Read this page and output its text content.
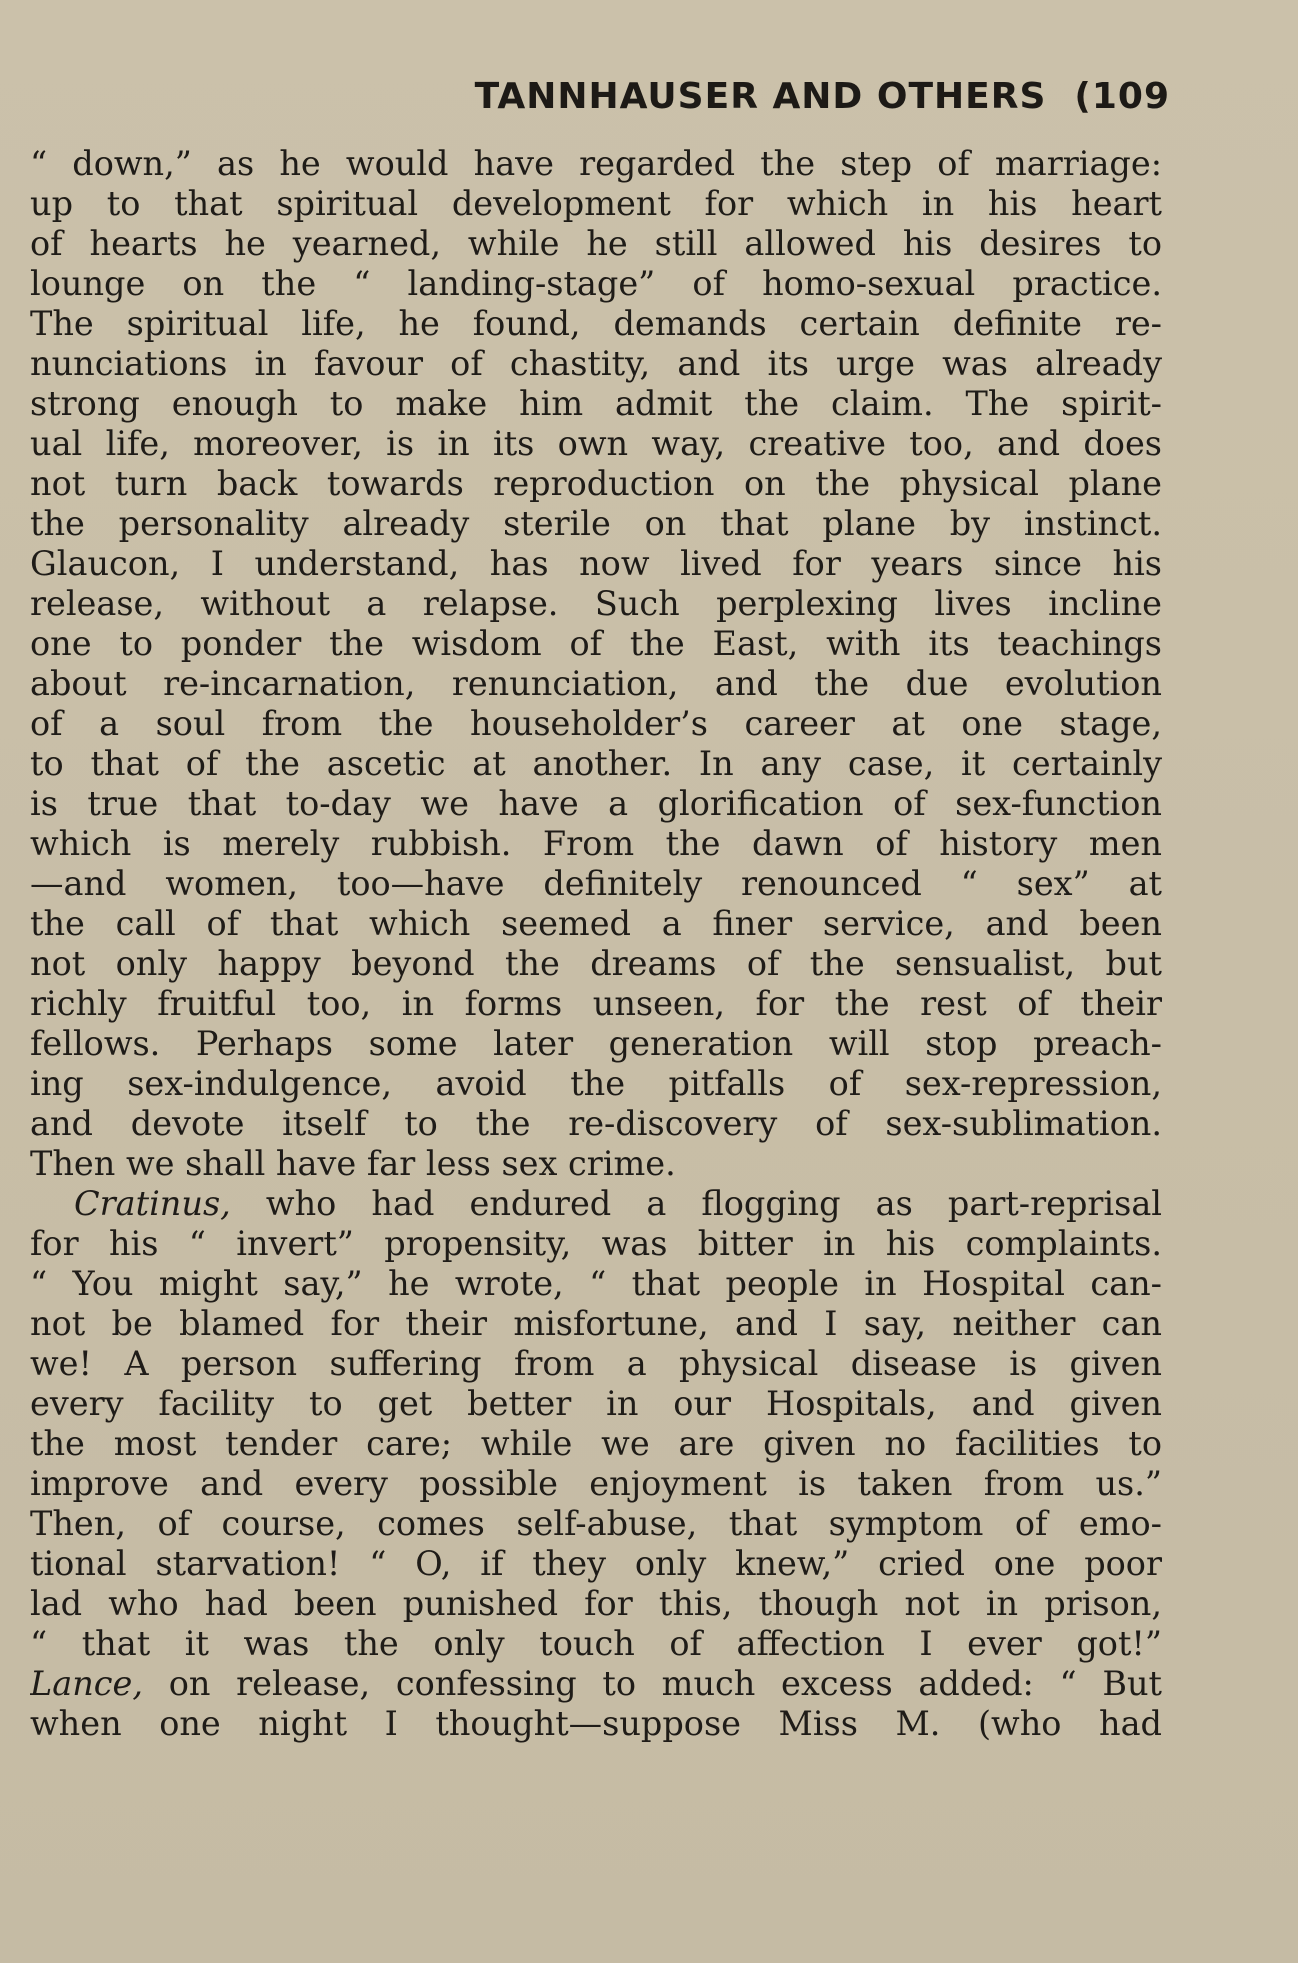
TANNHAUSER AND OTHERS (109
“ down,” as he would have regarded the step of marriage:
up to that spiritual development for which in his heart
of hearts he yearned, while he still allowed his desires to
lounge on the “ landing-stage” of homo-sexual practice.
The spiritual life, he found, demands certain definite re-
nunciations in favour of chastity, and its urge was already
strong enough to make him admit the claim. The spirit-
ual life, moreover, is in its own way, creative too, and does
not turn back towards reproduction on the physical plane
the personality already sterile on that plane by instinct.
Glaucon, I understand, has now lived for years since his
release, without a relapse. Such perplexing lives incline
one to ponder the wisdom of the East, with its teachings
about re-incarnation, renunciation, and the due evolution
of a soul from the householder’s career at one stage,
to that of the ascetic at another. In any case, it certainly
is true that to-day we have a glorification of sex-function
which is merely rubbish. From the dawn of history men
—and women, too—have definitely renounced “ sex” at
the call of that which seemed a finer service, and been
not only happy beyond the dreams of the sensualist, but
richly fruitful too, in forms unseen, for the rest of their
fellows. Perhaps some later generation will stop preach-
ing sex-indulgence, avoid the pitfalls of sex-repression,
and devote itself to the re-discovery of sex-sublimation.
Then we shall have far less sex crime.
Cratinus, who had endured a flogging as part-reprisal
for his “ invert” propensity, was bitter in his complaints.
“ You might say,” he wrote, “ that people in Hospital can-
not be blamed for their misfortune, and I say, neither can
we! A person suffering from a physical disease is given
every facility to get better in our Hospitals, and given
the most tender care; while we are given no facilities to
improve and every possible enjoyment is taken from us.”
Then, of course, comes self-abuse, that symptom of emo-
tional starvation! “ O, if they only knew,” cried one poor
lad who had been punished for this, though not in prison,
“ that it was the only touch of affection I ever got!”
Lance, on release, confessing to much excess added: “ But
when one night I thought—suppose Miss M. (who had
